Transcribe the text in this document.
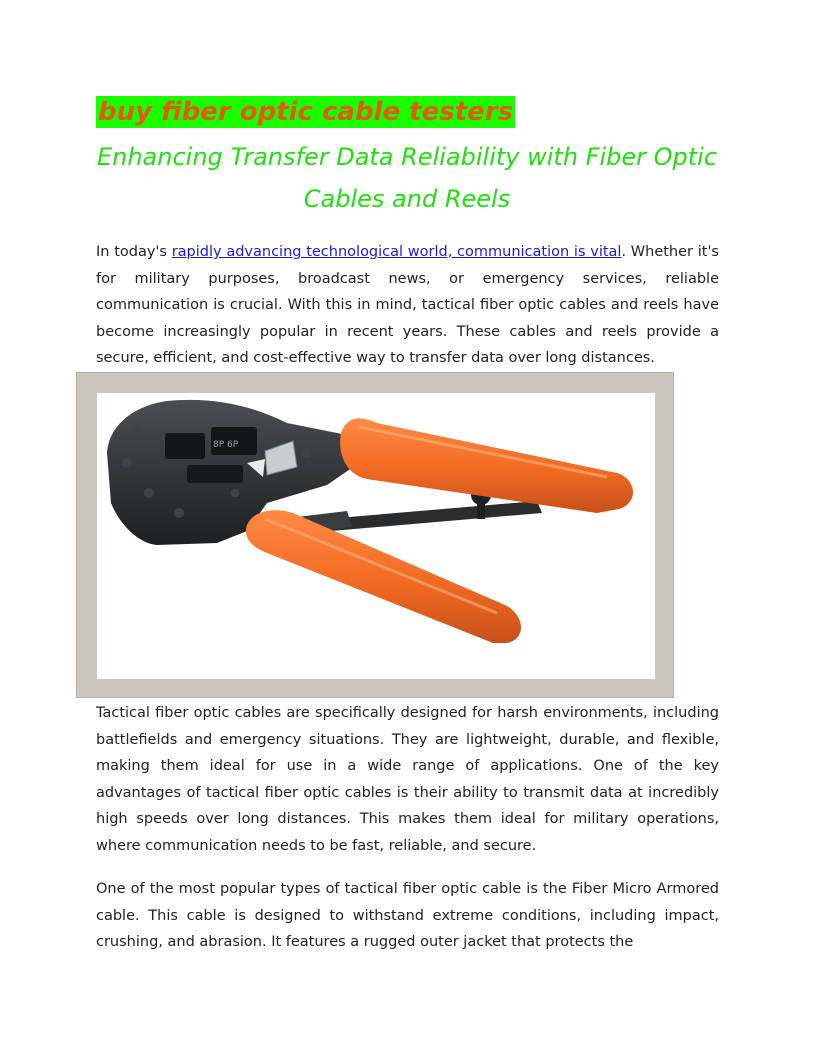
buy fiber optic cable testers
Enhancing Transfer Data Reliability with Fiber Optic Cables and Reels

In today's rapidly advancing technological world, communication is vital. Whether it's for military purposes, broadcast news, or emergency services, reliable communication is crucial. With this in mind, tactical fiber optic cables and reels have become increasingly popular in recent years. These cables and reels provide a secure, efficient, and cost-effective way to transfer data over long distances.

8P 6P

Tactical fiber optic cables are specifically designed for harsh environments, including battlefields and emergency situations. They are lightweight, durable, and flexible, making them ideal for use in a wide range of applications. One of the key advantages of tactical fiber optic cables is their ability to transmit data at incredibly high speeds over long distances. This makes them ideal for military operations, where communication needs to be fast, reliable, and secure.

One of the most popular types of tactical fiber optic cable is the Fiber Micro Armored cable. This cable is designed to withstand extreme conditions, including impact, crushing, and abrasion. It features a rugged outer jacket that protects the
